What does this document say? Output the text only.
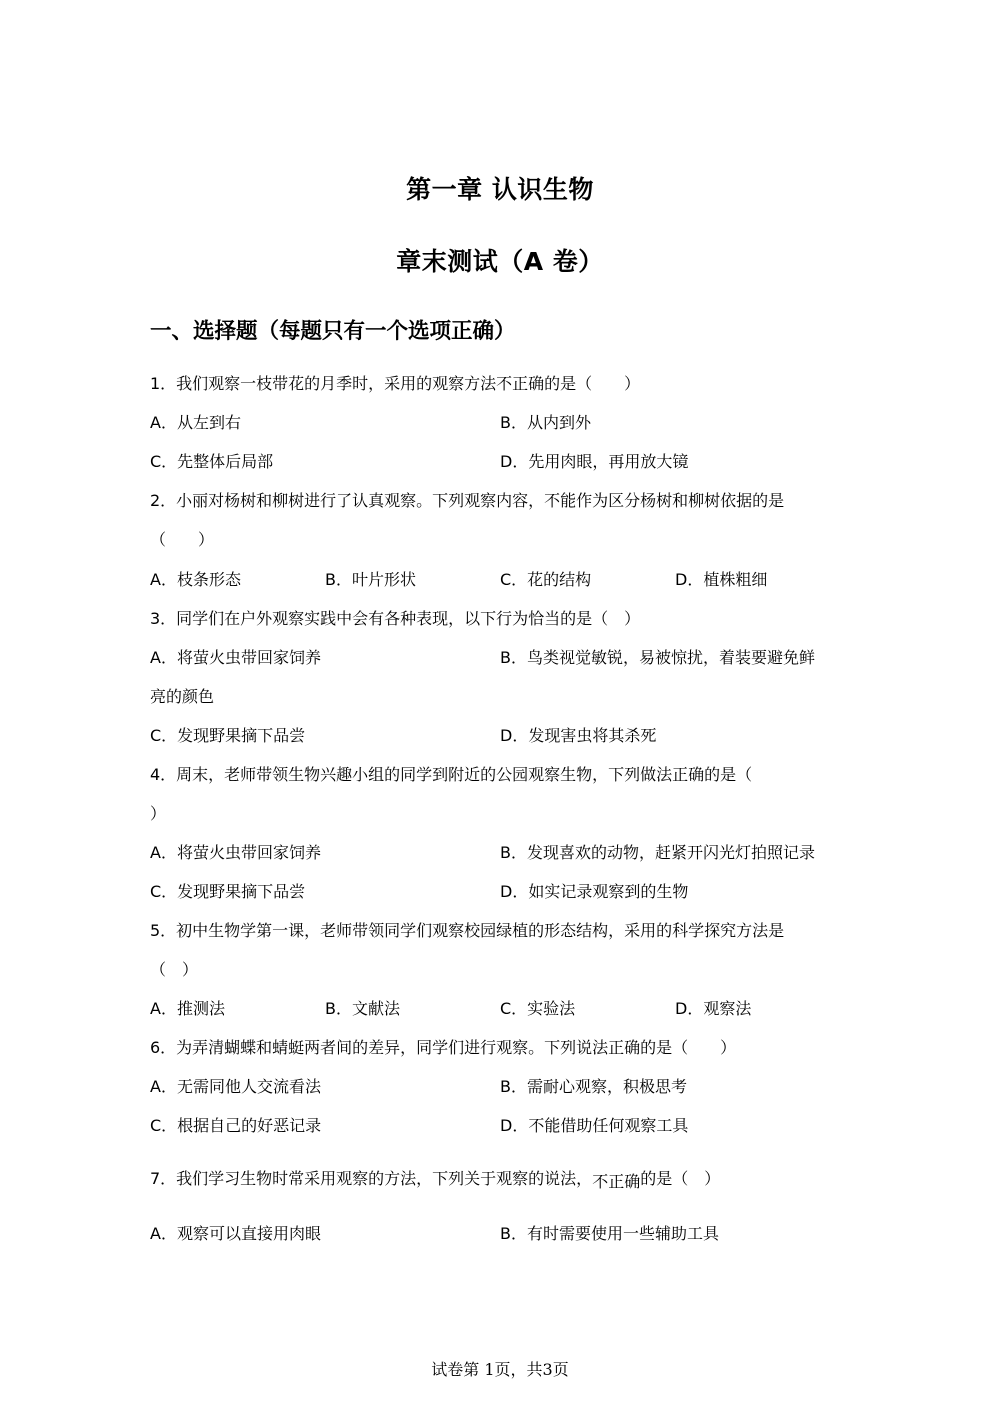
第一章 认识生物
章末测试（A 卷）
一、选择题（每题只有一个选项正确）
1．我们观察一枝带花的月季时，采用的观察方法不正确的是（　　）
A．从左到右	B．从内到外
C．先整体后局部	D．先用肉眼，再用放大镜
2．小丽对杨树和柳树进行了认真观察。下列观察内容，不能作为区分杨树和柳树依据的是
（　　）
A．枝条形态	B．叶片形状	C．花的结构	D．植株粗细
3．同学们在户外观察实践中会有各种表现，以下行为恰当的是（　）
A．将萤火虫带回家饲养	B．鸟类视觉敏锐，易被惊扰，着装要避免鲜
亮的颜色
C．发现野果摘下品尝	D．发现害虫将其杀死
4．周末，老师带领生物兴趣小组的同学到附近的公园观察生物，下列做法正确的是（
）
A．将萤火虫带回家饲养	B．发现喜欢的动物，赶紧开闪光灯拍照记录
C．发现野果摘下品尝	D．如实记录观察到的生物
5．初中生物学第一课，老师带领同学们观察校园绿植的形态结构，采用的科学探究方法是
（　）
A．推测法	B．文献法	C．实验法	D．观察法
6．为弄清蝴蝶和蜻蜓两者间的差异，同学们进行观察。下列说法正确的是（　　）
A．无需同他人交流看法	B．需耐心观察，积极思考
C．根据自己的好恶记录	D．不能借助任何观察工具
7．我们学习生物时常采用观察的方法，下列关于观察的说法，不正确的是（　）
A．观察可以直接用肉眼	B．有时需要使用一些辅助工具
试卷第 1页，共3页
